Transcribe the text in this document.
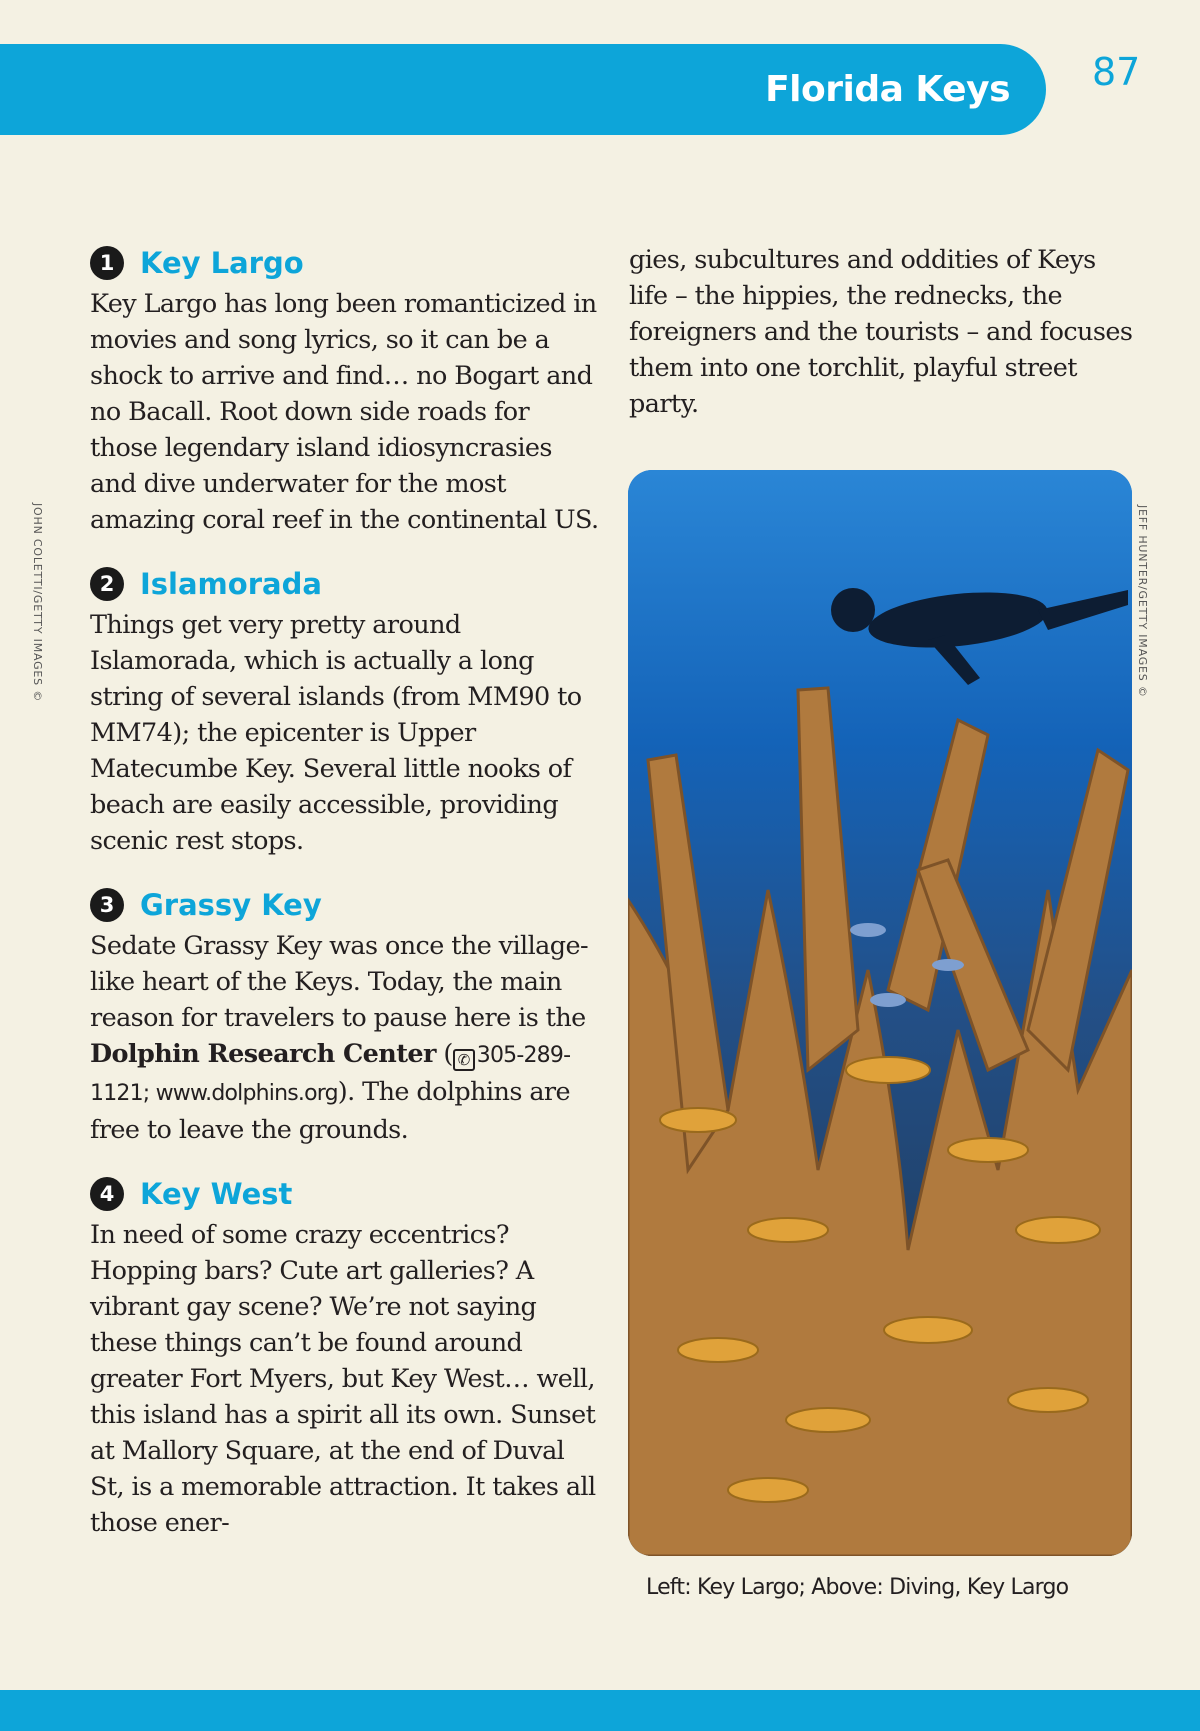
Florida Keys 87
JOHN COLETTI/GETTY IMAGES ©	JEFF HUNTER/GETTY IMAGES ©
1 Key Largo

Key Largo has long been romanticized in movies and song lyrics, so it can be a shock to arrive and find… no Bogart and no Bacall. Root down side roads for those legendary island idiosyncrasies and dive underwater for the most amazing coral reef in the continental US.

2 Islamorada

Things get very pretty around Islamorada, which is actually a long string of several islands (from MM90 to MM74); the epicenter is Upper Matecumbe Key. Several little nooks of beach are easily accessible, providing scenic rest stops.

3 Grassy Key

Sedate Grassy Key was once the village-like heart of the Keys. Today, the main reason for travelers to pause here is the Dolphin Research Center ( ✆ 305-289-1121; www.dolphins.org). The dolphins are free to leave the grounds.

4 Key West

In need of some crazy eccentrics? Hopping bars? Cute art galleries? A vibrant gay scene? We’re not saying these things can’t be found around greater Fort Myers, but Key West… well, this island has a spirit all its own. Sunset at Mallory Square, at the end of Duval St, is a memorable attraction. It takes all those ener-

gies, subcultures and oddities of Keys life – the hippies, the rednecks, the foreigners and the tourists – and focuses them into one torchlit, playful street party.

Left: Key Largo; Above: Diving, Key Largo
